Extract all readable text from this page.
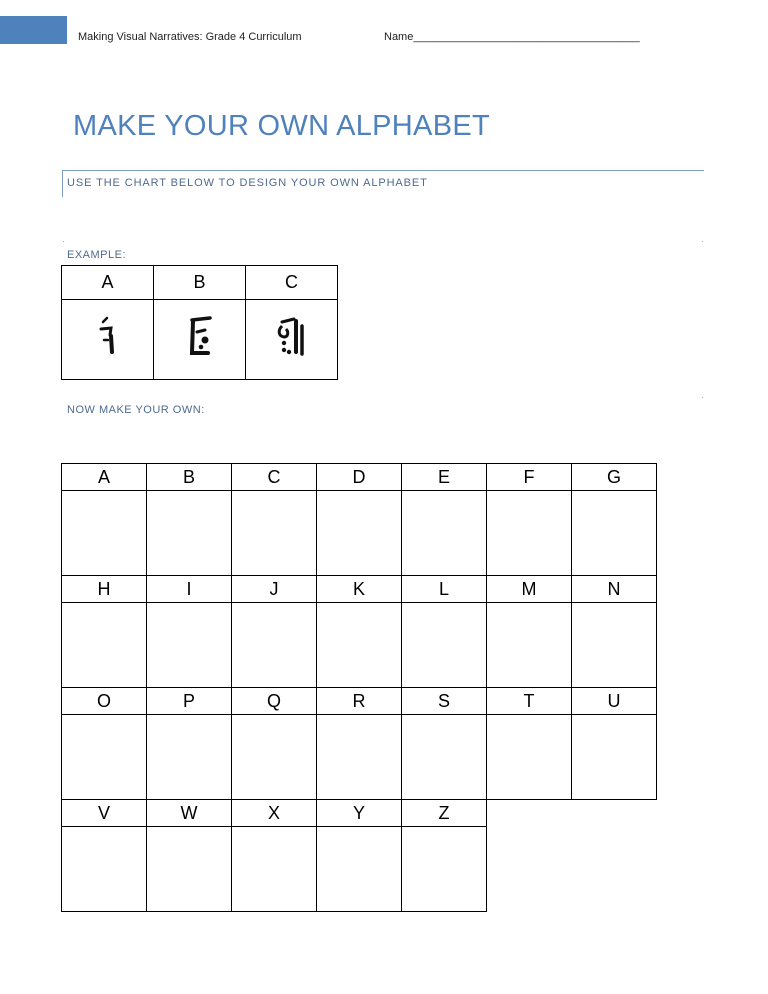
Making Visual Narratives: Grade 4 Curriculum	Name_____________________________________
MAKE YOUR OWN ALPHABET
USE THE CHART BELOW TO DESIGN YOUR OWN ALPHABET
EXAMPLE:
A	B	C

NOW MAKE YOUR OWN:
A	B	C	D	E	F	G

H	I	J	K	L	M	N

O	P	Q	R	S	T	U

V	W	X	Y	Z		
